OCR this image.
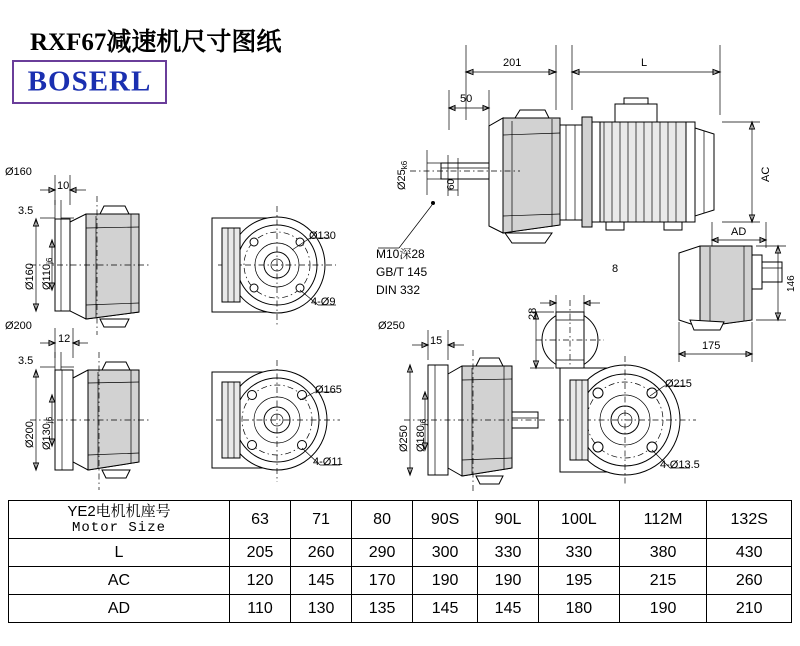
RXF67减速机尺寸图纸
BOSERL
201	L
50
Ø25k6
60
AC
AD
146
175
8
28
M10深28
GB/T 145
DIN 332
Ø160
10
3.5
Ø160 Ø110j6
Ø130
4-Ø9
Ø200
12
3.5
Ø200 Ø130j6
Ø165
4-Ø11
Ø250
15
Ø250 Ø180j6
Ø215
4-Ø13.5
YE2电机机座号
Motor Size	63	71	80	90S	90L	100L	112M	132S
L	205	260	290	300	330	330	380	430
AC	120	145	170	190	190	195	215	260
AD	110	130	135	145	145	180	190	210
